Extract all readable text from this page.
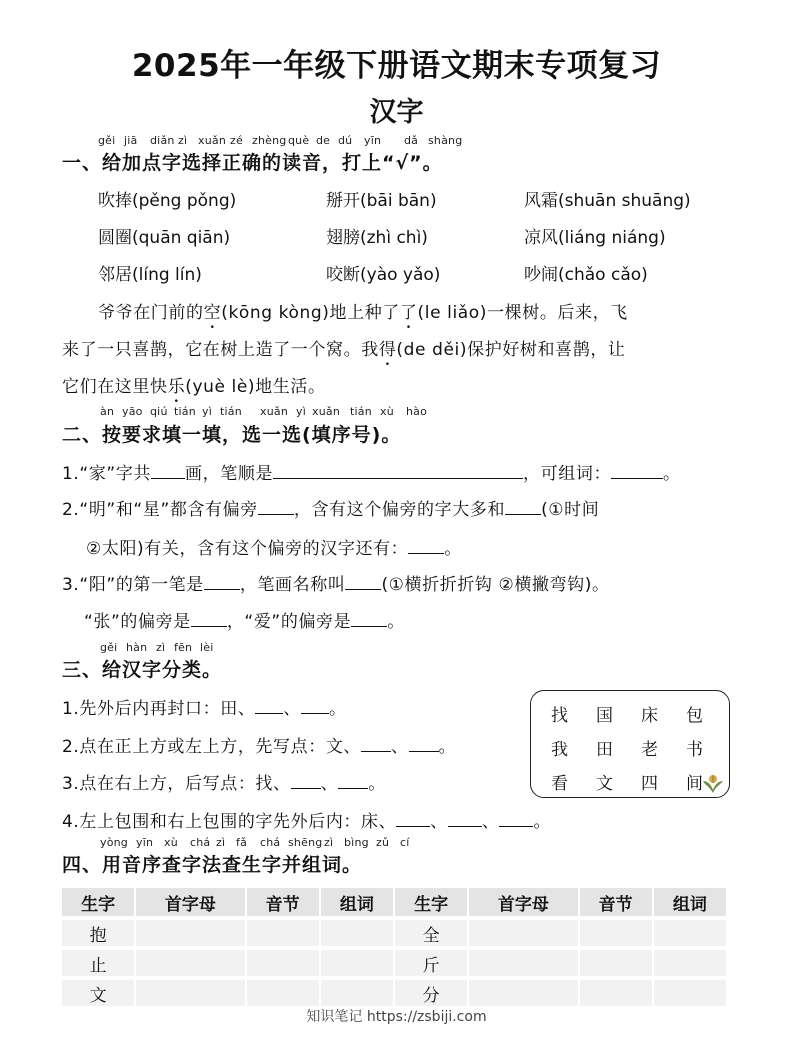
2025年一年级下册语文期末专项复习
汉字
gěi jiā diǎn zì xuǎn zé zhèng què de dú yīn dǎ shàng
一、给加点字选择正确的读音，打上“√”。
吹捧(pěng pǒng)	掰开(bāi bān)	风霜(shuān shuāng)
圆圈(quān qiān)	翅膀(zhì chì)	凉风(liáng niáng)
邻居(líng lín)	咬断(yào yǎo)	吵闹(chǎo cǎo)
爷爷在门前的空(kōng kòng)地上种了了(le liǎo)一棵树。后来，飞
来了一只喜鹊，它在树上造了一个窝。我得(de děi)保护好树和喜鹊，让
它们在这里快乐(yuè lè)地生活。
àn yāo qiú tián yì tián xuǎn yì xuǎn tián xù hào
二、按要求填一填，选一选(填序号)。
1.“家”字共 画，笔顺是	，可组词：	。
2.“明”和“星”都含有偏旁 ，含有这个偏旁的字大多和 (①时间
②太阳)有关，含有这个偏旁的汉字还有： 。
3.“阳”的第一笔是 ，笔画名称叫 (①横折折折钩 ②横撇弯钩)。
“张”的偏旁是 ，“爱”的偏旁是 。
gěi hàn zì fēn lèi
三、给汉字分类。
1.先外后内再封口：田、 、 。
2.点在正上方或左上方，先写点：文、 、 。
3.点在右上方，后写点：找、 、 。
4.左上包围和右上包围的字先外后内：床、 、 、 。
找	国	床	包
我	田	老	书
看	文	四	间
yòng yīn xù chá zì fǎ chá shēng zì bìng zǔ cí
四、用音序查字法查生字并组词。
生字	首字母	音节	组词	生字	首字母	音节	组词
抱				全			
止				斤			
文				分			
知识笔记 https://zsbiji.com
